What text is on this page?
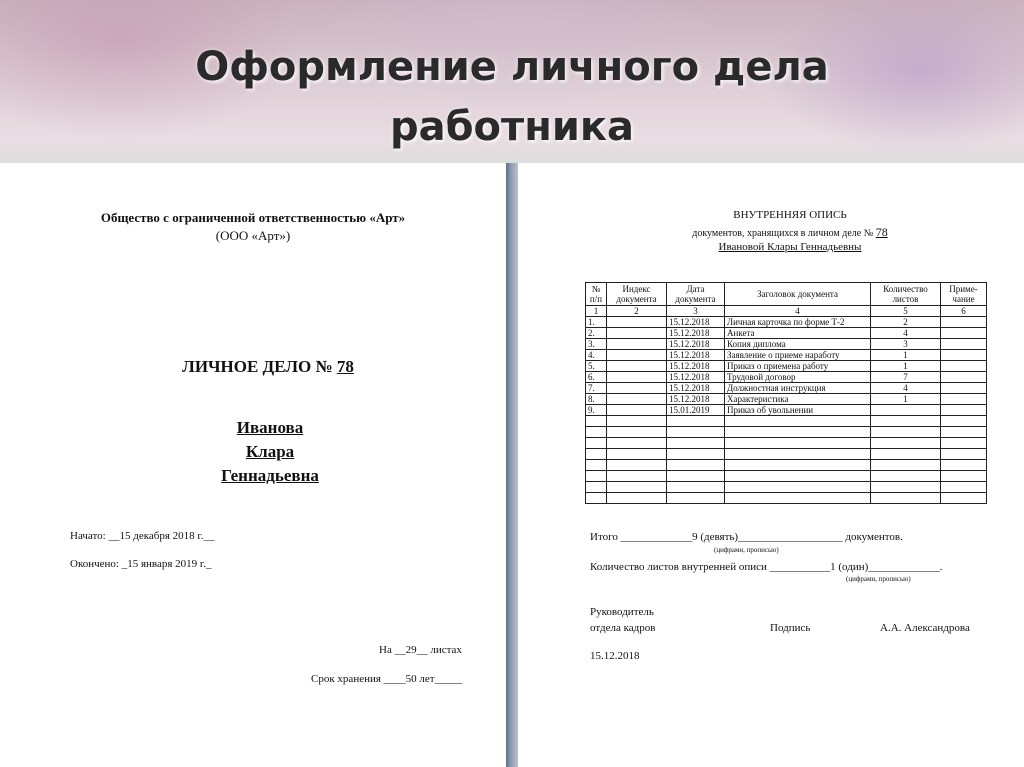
Оформление личного дела
работника
Общество с ограниченной ответственностью «Арт»
(ООО «Арт»)
ЛИЧНОЕ ДЕЛО № 78
Иванова
Клара
Геннадьевна
Начато: __15 декабря 2018 г.__
Окончено: _15 января 2019 г._
На __29__ листах
Срок хранения ____50 лет_____
ВНУТРЕННЯЯ ОПИСЬ
документов, хранящихся в личном деле № 78
Ивановой Клары Геннадьевны
№ п/п	Индекс документа	Дата документа	Заголовок документа	Количество листов	Приме-чание
1	2	3	4	5	6
1.		15.12.2018	Личная карточка по форме Т-2	2	
2.		15.12.2018	Анкета	4	
3.		15.12.2018	Копия диплома	3	
4.		15.12.2018	Заявление о приеме наработу	1	
5.		15.12.2018	Приказ о приемена работу	1	
6.		15.12.2018	Трудовой договор	7	
7.		15.12.2018	Должностная инструкция	4	
8.		15.12.2018	Характеристика	1	
9.		15.01.2019	Приказ об увольнении		

Итого _____________9 (девять)___________________ документов.
(цифрами, прописью)
Количество листов внутренней описи ___________1 (один)_____________.
(цифрами, прописью)
Руководитель
отдела кадров	Подпись	А.А. Александрова
15.12.2018
